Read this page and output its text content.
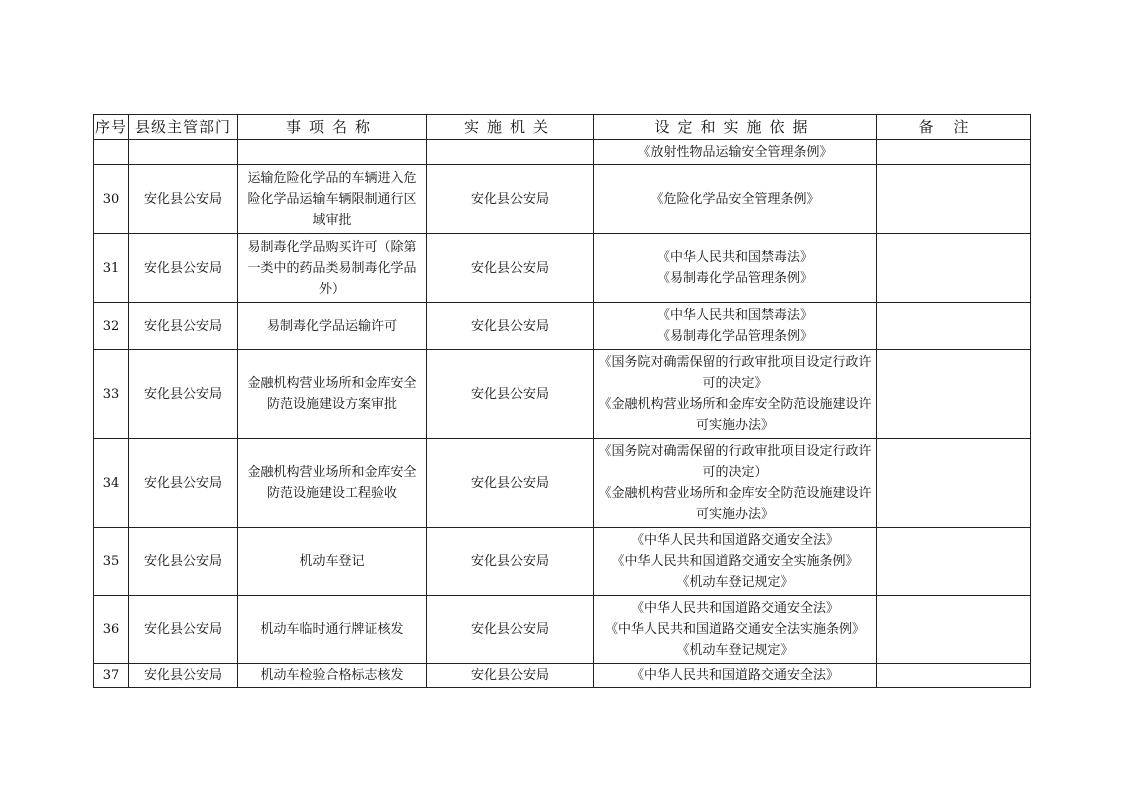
序号	县级主管部门	事项名称	实施机关	设定和实施依据	备注

				《放射性物品运输安全管理条例》	

30	安化县公安局	运输危险化学品的车辆进入危险化学品运输车辆限制通行区域审批	安化县公安局	《危险化学品安全管理条例》	

31	安化县公安局	易制毒化学品购买许可（除第一类中的药品类易制毒化学品外）	安化县公安局	《中华人民共和国禁毒法》
《易制毒化学品管理条例》	

32	安化县公安局	易制毒化学品运输许可	安化县公安局	《中华人民共和国禁毒法》
《易制毒化学品管理条例》	

33	安化县公安局	金融机构营业场所和金库安全防范设施建设方案审批	安化县公安局	《国务院对确需保留的行政审批项目设定行政许可的决定》
《金融机构营业场所和金库安全防范设施建设许可实施办法》	

34	安化县公安局	金融机构营业场所和金库安全防范设施建设工程验收	安化县公安局	《国务院对确需保留的行政审批项目设定行政许可的决定）
《金融机构营业场所和金库安全防范设施建设许可实施办法》	

35	安化县公安局	机动车登记	安化县公安局	《中华人民共和国道路交通安全法》
《中华人民共和国道路交通安全实施条例》
《机动车登记规定》	

36	安化县公安局	机动车临时通行牌证核发	安化县公安局	《中华人民共和国道路交通安全法》
《中华人民共和国道路交通安全法实施条例》
《机动车登记规定》	

37	安化县公安局	机动车检验合格标志核发	安化县公安局	《中华人民共和国道路交通安全法》	
